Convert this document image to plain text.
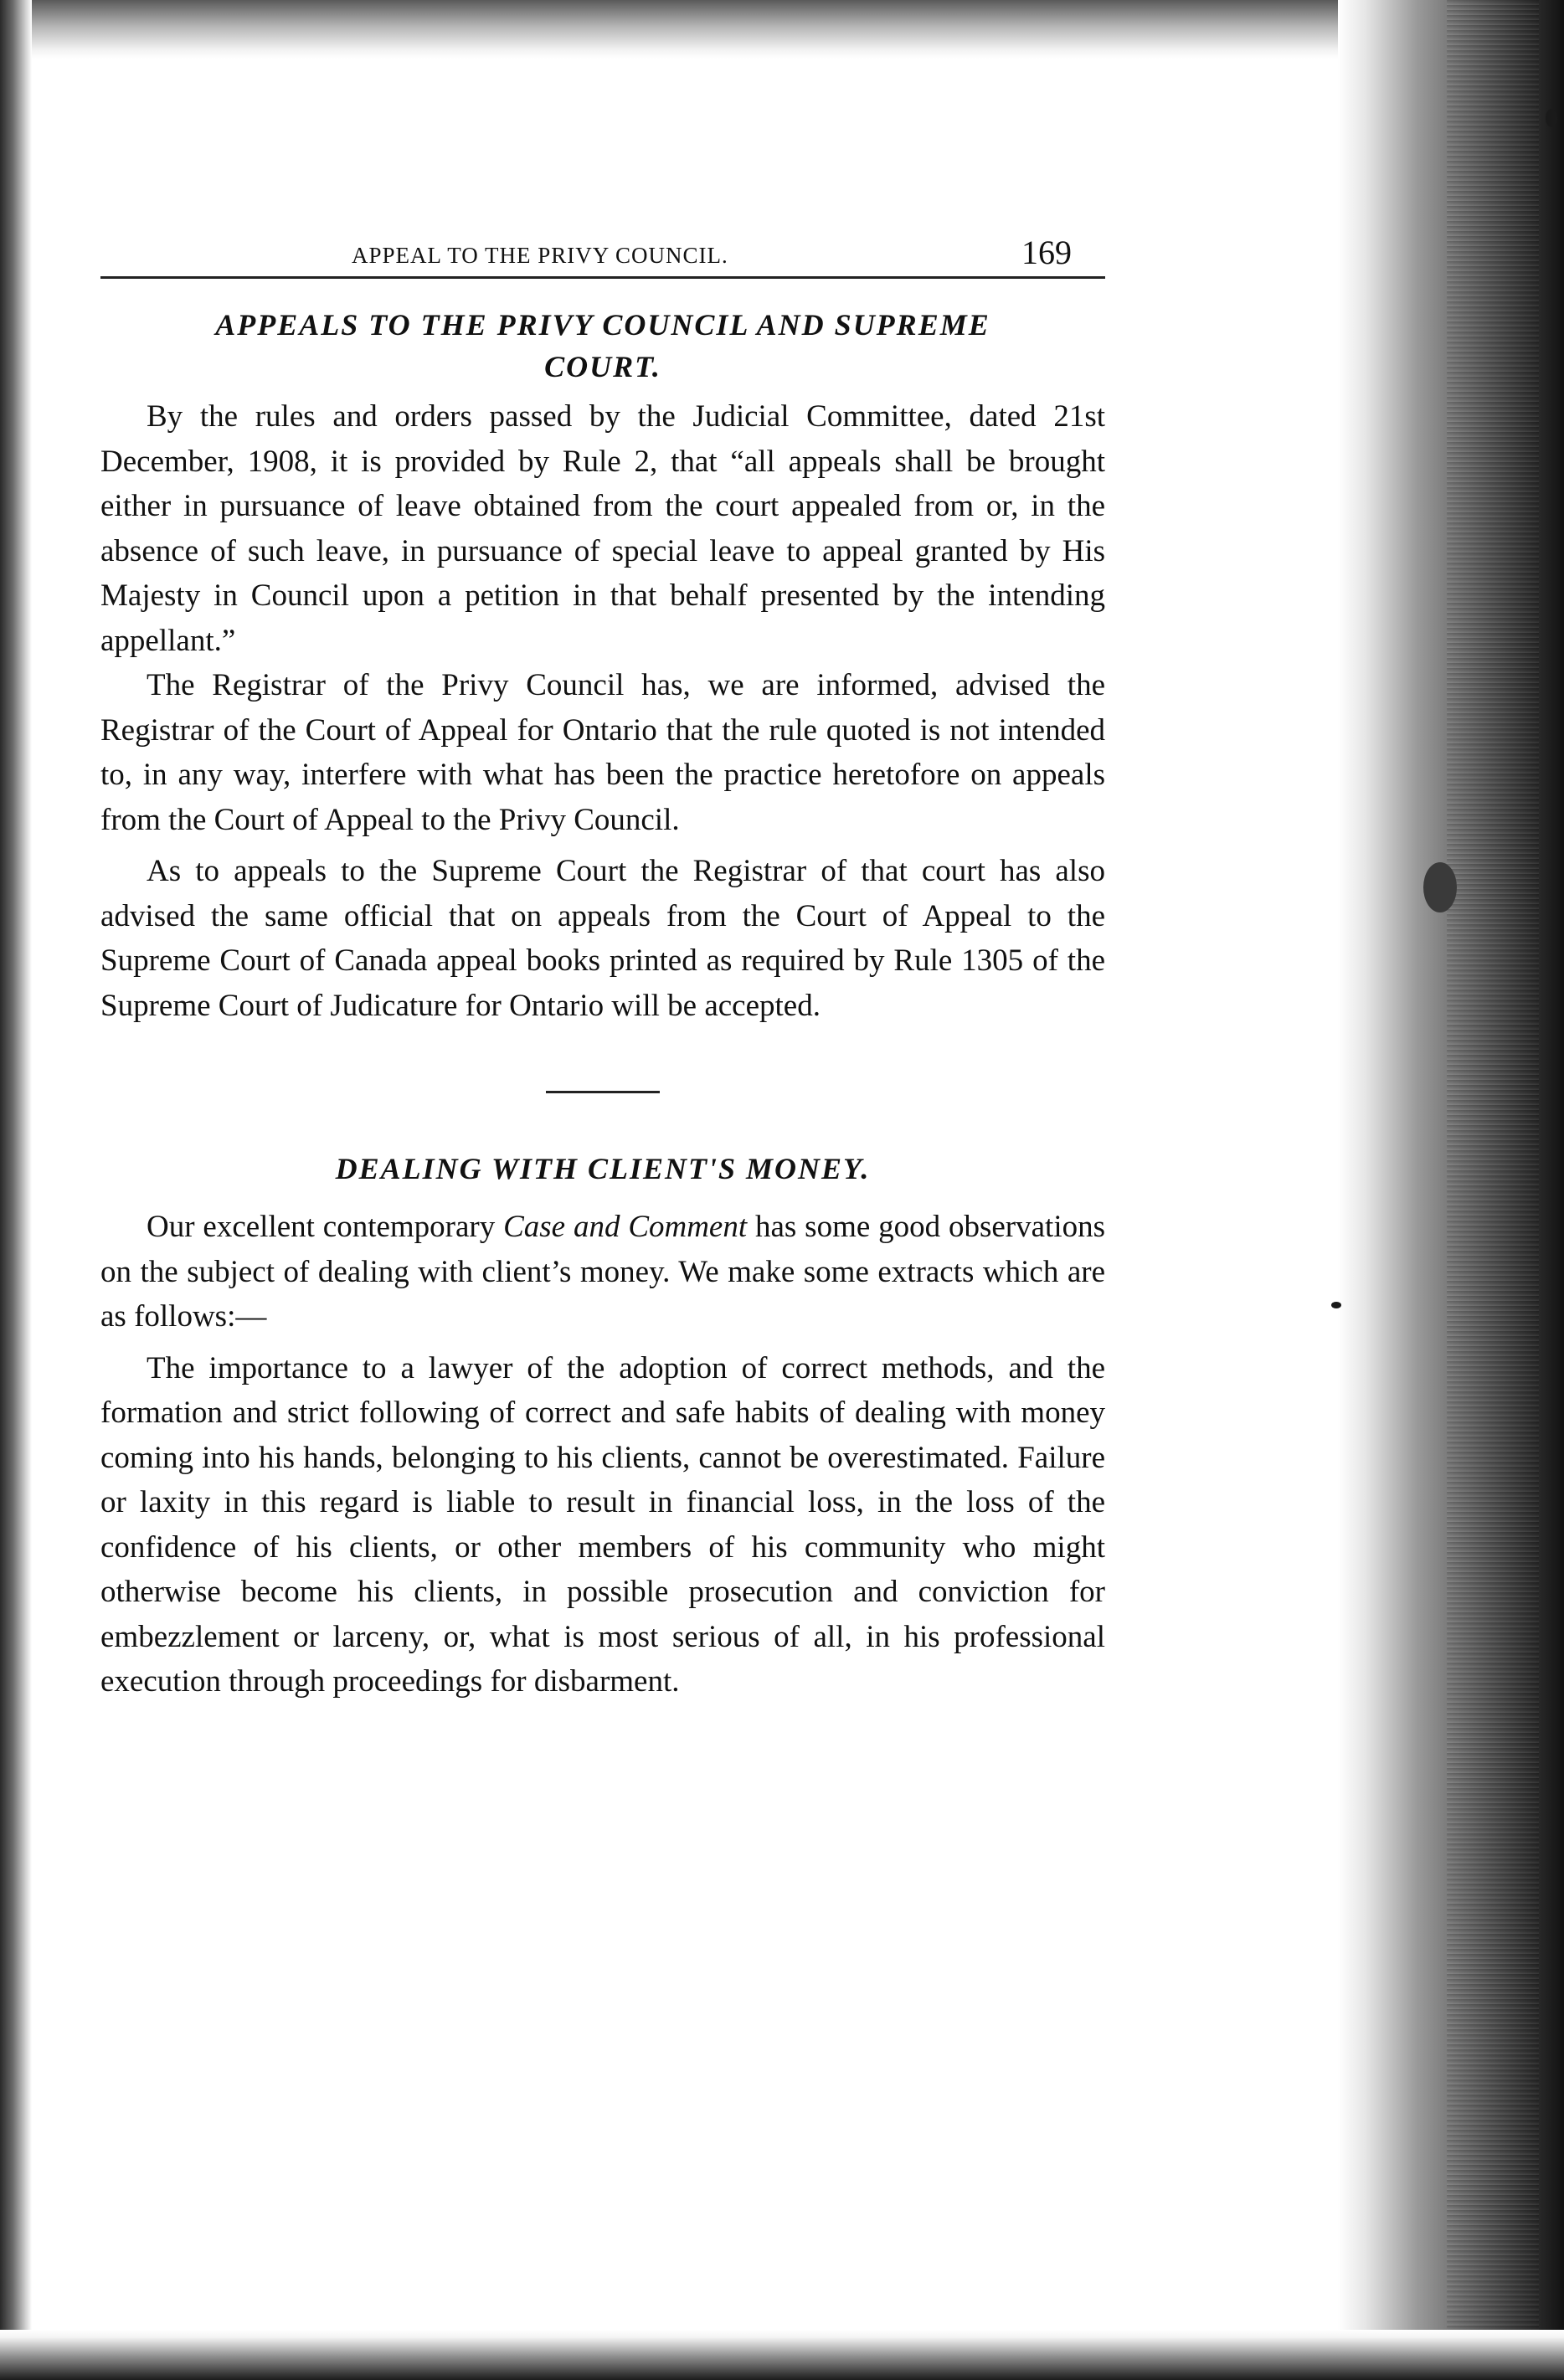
APPEAL TO THE PRIVY COUNCIL.	169
APPEALS TO THE PRIVY COUNCIL AND SUPREME
COURT.

By the rules and orders passed by the Judicial Committee, dated 21st December, 1908, it is provided by Rule 2, that “all appeals shall be brought either in pursuance of leave obtained from the court appealed from or, in the absence of such leave, in pursuance of special leave to appeal granted by His Majesty in Council upon a petition in that behalf presented by the intending appellant.”

The Registrar of the Privy Council has, we are informed, advised the Registrar of the Court of Appeal for Ontario that the rule quoted is not intended to, in any way, interfere with what has been the practice heretofore on appeals from the Court of Appeal to the Privy Council.

As to appeals to the Supreme Court the Registrar of that court has also advised the same official that on appeals from the Court of Appeal to the Supreme Court of Canada appeal books printed as required by Rule 1305 of the Supreme Court of Judicature for Ontario will be accepted.

DEALING WITH CLIENT'S MONEY.

Our excellent contemporary Case and Comment has some good observations on the subject of dealing with client’s money. We make some extracts which are as follows:—

The importance to a lawyer of the adoption of correct methods, and the formation and strict following of correct and safe habits of dealing with money coming into his hands, belonging to his clients, cannot be overestimated. Failure or laxity in this regard is liable to result in financial loss, in the loss of the confidence of his clients, or other members of his community who might otherwise become his clients, in possible prosecution and conviction for embezzlement or larceny, or, what is most serious of all, in his professional execution through proceedings for disbarment.
